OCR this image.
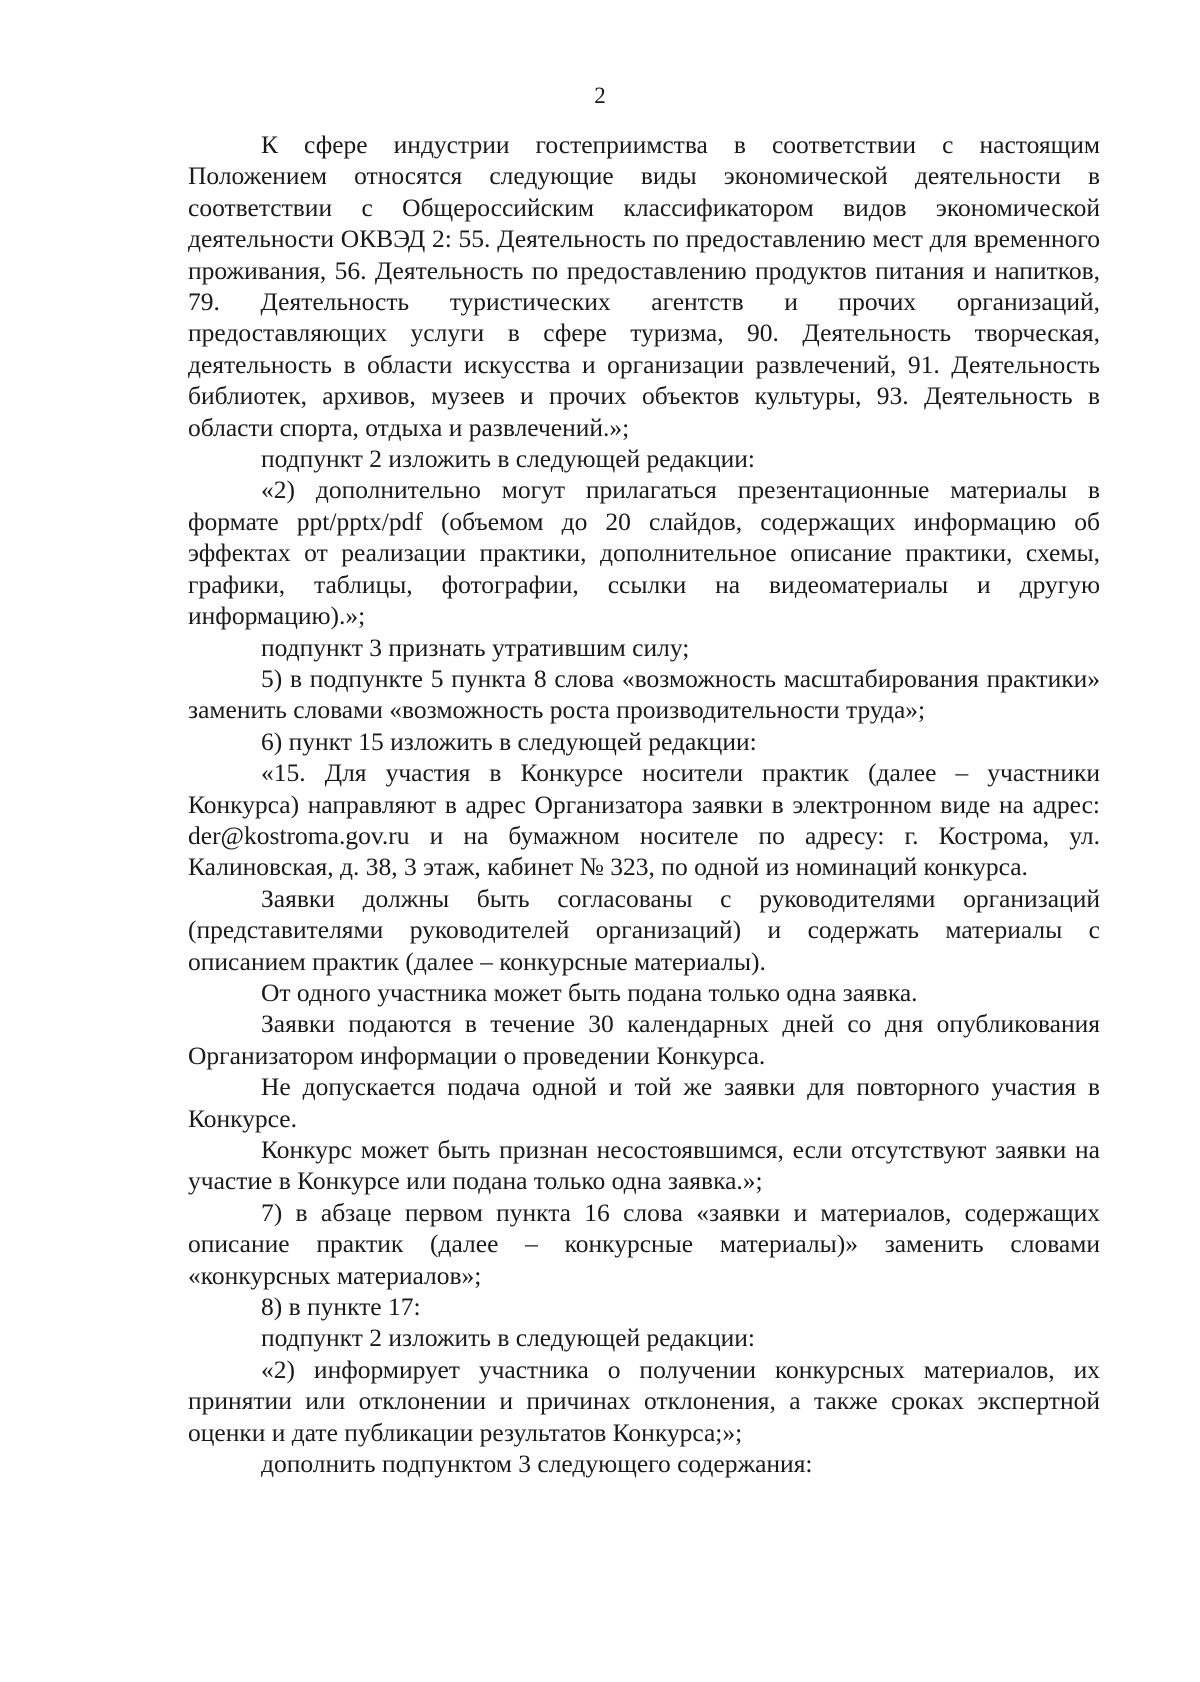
2

К сфере индустрии гостеприимства в соответствии с настоящим Положением относятся следующие виды экономической деятельности в соответствии с Общероссийским классификатором видов экономической деятельности ОКВЭД 2: 55. Деятельность по предоставлению мест для временного проживания, 56. Деятельность по предоставлению продуктов питания и напитков, 79. Деятельность туристических агентств и прочих организаций, предоставляющих услуги в сфере туризма, 90. Деятельность творческая, деятельность в области искусства и организации развлечений, 91. Деятельность библиотек, архивов, музеев и прочих объектов культуры, 93. Деятельность в области спорта, отдыха и развлечений.»;

подпункт 2 изложить в следующей редакции:

«2) дополнительно могут прилагаться презентационные материалы в формате ppt/pptx/pdf (объемом до 20 слайдов, содержащих информацию об эффектах от реализации практики, дополнительное описание практики, схемы, графики, таблицы, фотографии, ссылки на видеоматериалы и другую информацию).»;

подпункт 3 признать утратившим силу;

5) в подпункте 5 пункта 8 слова «возможность масштабирования практики» заменить словами «возможность роста производительности труда»;

6) пункт 15 изложить в следующей редакции:

«15. Для участия в Конкурсе носители практик (далее – участники Конкурса) направляют в адрес Организатора заявки в электронном виде на адрес: der@kostroma.gov.ru и на бумажном носителе по адресу: г. Кострома, ул. Калиновская, д. 38, 3 этаж, кабинет № 323, по одной из номинаций конкурса.

Заявки должны быть согласованы с руководителями организаций (представителями руководителей организаций) и содержать материалы с описанием практик (далее – конкурсные материалы).

От одного участника может быть подана только одна заявка.

Заявки подаются в течение 30 календарных дней со дня опубликования Организатором информации о проведении Конкурса.

Не допускается подача одной и той же заявки для повторного участия в Конкурсе.

Конкурс может быть признан несостоявшимся, если отсутствуют заявки на участие в Конкурсе или подана только одна заявка.»;

7) в абзаце первом пункта 16 слова «заявки и материалов, содержащих описание практик (далее – конкурсные материалы)» заменить словами «конкурсных материалов»;

8) в пункте 17:

подпункт 2 изложить в следующей редакции:

«2) информирует участника о получении конкурсных материалов, их принятии или отклонении и причинах отклонения, а также сроках экспертной оценки и дате публикации результатов Конкурса;»;

дополнить подпунктом 3 следующего содержания:
